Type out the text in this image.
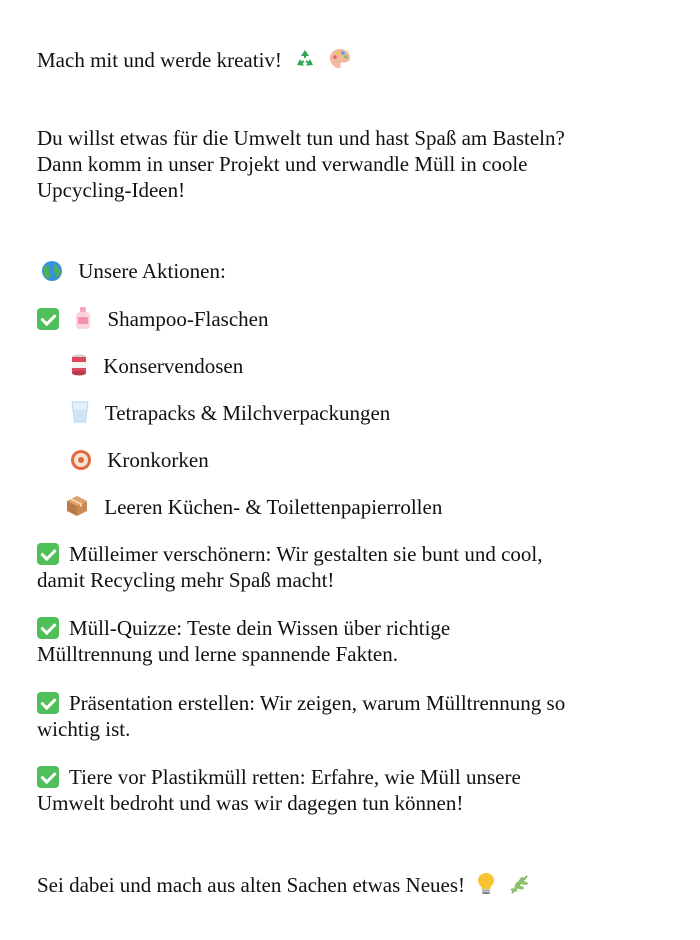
Mach mit und werde kreativ!
Du willst etwas für die Umwelt tun und hast Spaß am Basteln?
Dann komm in unser Projekt und verwandle Müll in coole
Upcycling-Ideen!
Unsere Aktionen:
Shampoo-Flaschen
Konservendosen
Tetrapacks & Milchverpackungen
Kronkorken
Leeren Küchen- & Toilettenpapierrollen
Mülleimer verschönern: Wir gestalten sie bunt und cool,
damit Recycling mehr Spaß macht!
Müll-Quizze: Teste dein Wissen über richtige
Mülltrennung und lerne spannende Fakten.
Präsentation erstellen: Wir zeigen, warum Mülltrennung so
wichtig ist.
Tiere vor Plastikmüll retten: Erfahre, wie Müll unsere
Umwelt bedroht und was wir dagegen tun können!
Sei dabei und mach aus alten Sachen etwas Neues!
